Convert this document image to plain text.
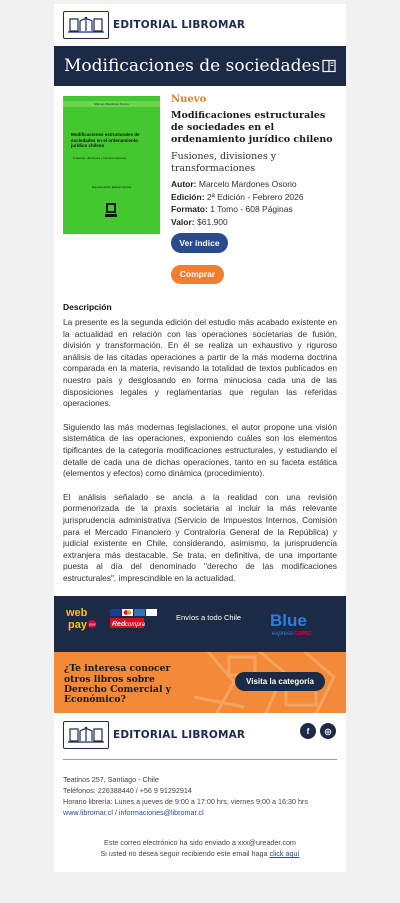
EDITORIAL LIBROMAR
Modificaciones de sociedades
Marcelo Mardones Osorio
Modificaciones estructurales de sociedades en el ordenamiento jurídico chileno
Fusiones, divisiones y transformaciones
Segunda edición. Editorial Libromar
Nuevo
Modificaciones estructurales de sociedades en el ordenamiento jurídico chileno
Fusiones, divisiones y transformaciones
Autor: Marcelo Mardones Osorio
Edición: 2ª Edición - Febrero 2026
Formato: 1 Tomo - 608 Páginas
Valor: $61.900
Ver índice
Comprar
Descripción

La presente es la segunda edición del estudio más acabado existente en la actualidad en relación con las operaciones societarias de fusión, división y transformación. En él se realiza un exhaustivo y riguroso análisis de las citadas operaciones a partir de la más moderna doctrina comparada en la materia, revisando la totalidad de textos publicados en nuestro país y desglosando en forma minuciosa cada una de las disposiciones legales y reglamentarias que regulan las referidas operaciones.

Siguiendo las más modernas legislaciones, el autor propone una visión sistemática de las operaciones, exponiendo cuáles son los elementos tipificantes de la categoría modificaciones estructurales, y estudiando el detalle de cada una de dichas operaciones, tanto en su faceta estática (elementos y efectos) como dinámica (procedimiento).

El análisis señalado se ancla a la realidad con una revisión pormenorizada de la praxis societaria al incluir la más relevante jurisprudencia administrativa (Servicio de Impuestos Internos, Comisión para el Mercado Financiero y Contraloría General de la República) y judicial existente en Chile, considerando, asimismo, la jurisprudencia extranjera más destacable. Se trata, en definitiva, de una importante puesta al día del denominado "derecho de las modificaciones estructurales", imprescindible en la actualidad.

web
pay plus Red compra
Envíos a todo Chile Blue
express COPEC
¿Te interesa conocer otros libros sobre Derecho Comercial y Económico?
Visita la categoría
EDITORIAL LIBROMAR	f	◎
Teatinos 257, Santiago - Chile
Teléfonos: 226388440 / +56 9 91292914
Horario librería: Lunes a jueves de 9:00 a 17:00 hrs, viernes 9:00 a 16:30 hrs
www.libromar.cl / informaciones@libromar.cl
Este correo electrónico ha sido enviado a xxx@ureader.com
Si usted no desea seguir recibiendo este email haga click aquí
